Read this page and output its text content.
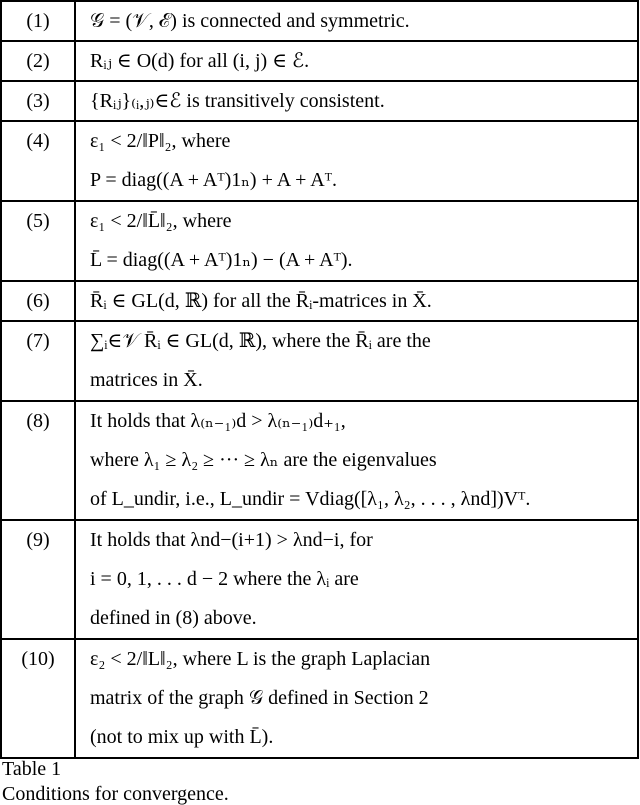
(1)	𝒢 = (𝒱, ℰ) is connected and symmetric.

(2)	Rᵢⱼ ∈ O(d) for all (i, j) ∈ ℰ.

(3)	{Rᵢⱼ}₍ᵢ,ⱼ₎∈ℰ is transitively consistent.

(4)	ε₁ < 2/‖P‖₂, where
P = diag((A + Aᵀ)1ₙ) + A + Aᵀ.

(5)	ε₁ < 2/‖L̄‖₂, where
L̄ = diag((A + Aᵀ)1ₙ) − (A + Aᵀ).

(6)	R̄ᵢ ∈ GL(d, ℝ) for all the R̄ᵢ-matrices in X̄.

(7)	∑ᵢ∈𝒱 R̄ᵢ ∈ GL(d, ℝ), where the R̄ᵢ are the
matrices in X̄.

(8)	It holds that λ₍ₙ₋₁₎d > λ₍ₙ₋₁₎d₊₁,
where λ₁ ≥ λ₂ ≥ ··· ≥ λₙ are the eigenvalues
of L_undir, i.e., L_undir = Vdiag([λ₁, λ₂, . . . , λnd])Vᵀ.

(9)	It holds that λnd−(i+1) > λnd−i, for
i = 0, 1, . . . d − 2 where the λᵢ are
defined in (8) above.

(10)	ε₂ < 2/‖L‖₂, where L is the graph Laplacian
matrix of the graph 𝒢 defined in Section 2
(not to mix up with L̄).
Table 1
Conditions for convergence.
